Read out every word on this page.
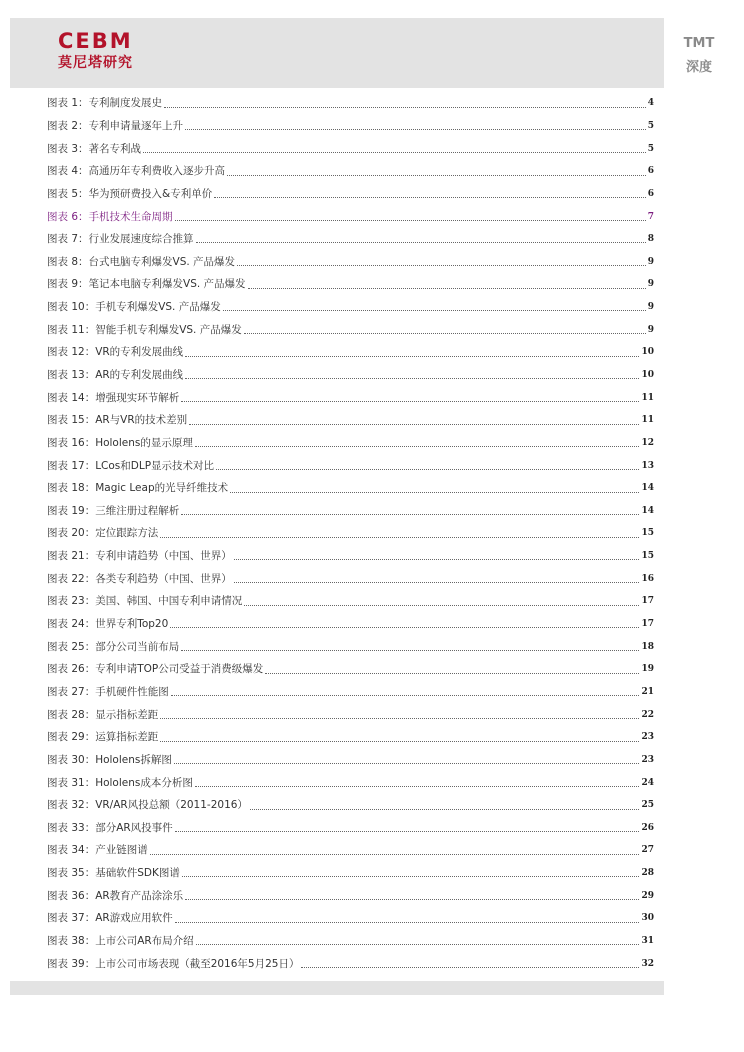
CEBM
莫尼塔研究
TMT
深度
图表 1：专利制度发展史	4
图表 2：专利申请量逐年上升	5
图表 3：著名专利战	5
图表 4：高通历年专利费收入逐步升高	6
图表 5：华为预研费投入&专利单价	6
图表 6：手机技术生命周期	7
图表 7：行业发展速度综合推算	8
图表 8：台式电脑专利爆发VS. 产品爆发	9
图表 9：笔记本电脑专利爆发VS. 产品爆发	9
图表 10：手机专利爆发VS. 产品爆发	9
图表 11：智能手机专利爆发VS. 产品爆发	9
图表 12：VR的专利发展曲线	10
图表 13：AR的专利发展曲线	10
图表 14：增强现实环节解析	11
图表 15：AR与VR的技术差别	11
图表 16：Hololens的显示原理	12
图表 17：LCos和DLP显示技术对比	13
图表 18：Magic Leap的光导纤维技术	14
图表 19：三维注册过程解析	14
图表 20：定位跟踪方法	15
图表 21：专利申请趋势（中国、世界）	15
图表 22：各类专利趋势（中国、世界）	16
图表 23：美国、韩国、中国专利申请情况	17
图表 24：世界专利Top20	17
图表 25：部分公司当前布局	18
图表 26：专利申请TOP公司受益于消费级爆发	19
图表 27：手机硬件性能图	21
图表 28：显示指标差距	22
图表 29：运算指标差距	23
图表 30：Hololens拆解图	23
图表 31：Hololens成本分析图	24
图表 32：VR/AR风投总额（2011-2016）	25
图表 33：部分AR风投事件	26
图表 34：产业链图谱	27
图表 35：基础软件SDK图谱	28
图表 36：AR教育产品涂涂乐	29
图表 37：AR游戏应用软件	30
图表 38：上市公司AR布局介绍	31
图表 39：上市公司市场表现（截至2016年5月25日）	32
